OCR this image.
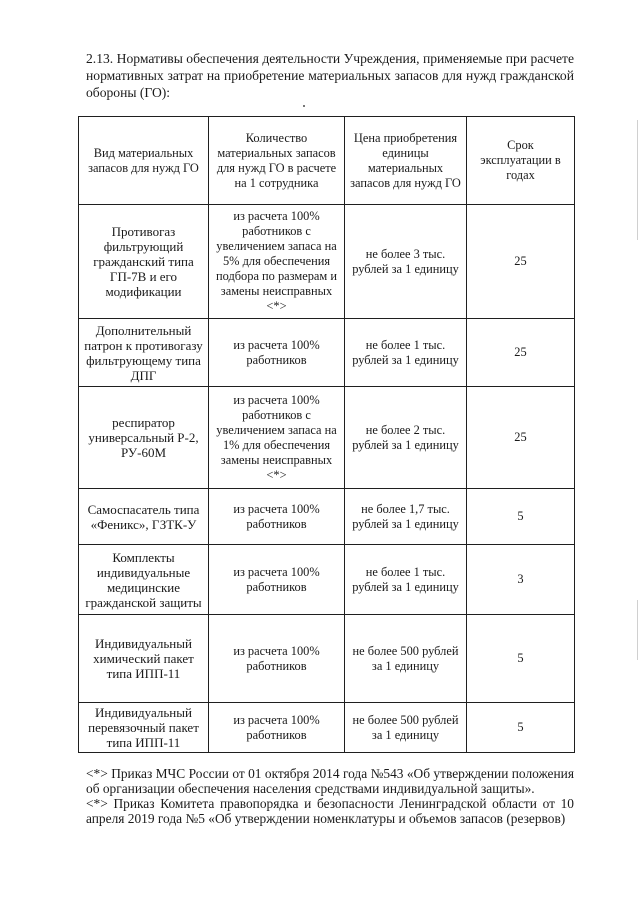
2.13. Нормативы обеспечения деятельности Учреждения, применяемые при расчете нормативных затрат на приобретение материальных запасов для нужд гражданской обороны (ГО):

Вид материальных запасов для нужд ГО	Количество материальных запасов для нужд ГО в расчете на 1 сотрудника	Цена приобретения единицы материальных запасов для нужд ГО	Срок эксплуатации в годах
Противогаз фильтрующий гражданский типа ГП-7В и его модификации	из расчета 100% работников с увеличением запаса на 5% для обеспечения подбора по размерам и замены неисправных <*>	не более 3 тыс. рублей за 1 единицу	25
Дополнительный патрон к противогазу фильтрующему типа ДПГ	из расчета 100% работников	не более 1 тыс. рублей за 1 единицу	25
респиратор универсальный Р-2, РУ-60М	из расчета 100% работников с увеличением запаса на 1% для обеспечения замены неисправных <*>	не более 2 тыс. рублей за 1 единицу	25
Самоспасатель типа «Феникс», ГЗТК-У	из расчета 100% работников	не более 1,7 тыс. рублей за 1 единицу	5
Комплекты индивидуальные медицинские гражданской защиты	из расчета 100% работников	не более 1 тыс. рублей за 1 единицу	3
Индивидуальный химический пакет типа ИПП-11	из расчета 100% работников	не более 500 рублей за 1 единицу	5
Индивидуальный перевязочный пакет типа ИПП-11	из расчета 100% работников	не более 500 рублей за 1 единицу	5

<*> Приказ МЧС России от 01 октября 2014 года №543 «Об утверждении положения об организации обеспечения населения средствами индивидуальной защиты».

<*> Приказ Комитета правопорядка и безопасности Ленинградской области от 10 апреля 2019 года №5 «Об утверждении номенклатуры и объемов запасов (резервов)
